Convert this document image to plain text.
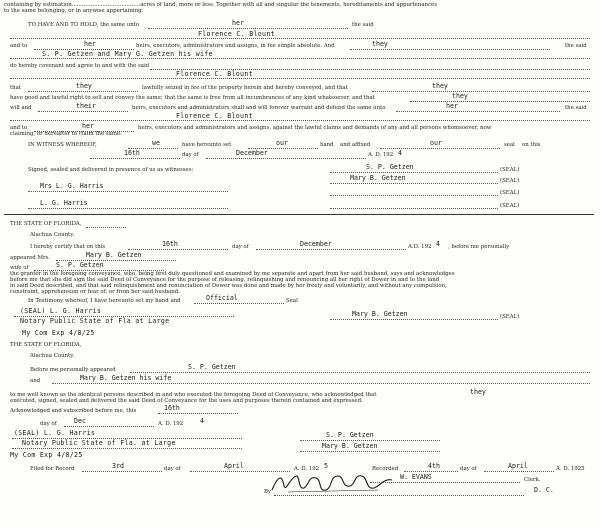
containing by estimation........................................acres of land, more or less. Together with all and singular the tenements, hereditaments and appurtenances
to the same belonging, or in anywise appertaining.
TO HAVE AND TO HOLD, the same unto	her	the said
Florence C. Blount
and to	her	heirs, executors, administrators and assigns, in fee simple absolute. And	they	the said
S. P. Getzen and Mary G. Getzen his wife
do hereby covenant and agree to and with the said
Florence C. Blount
that	they	lawfully seized in fee of the property herein and hereby conveyed, and that	they
have good and lawful right to sell and convey the same; that the same is free from all incumbrances of any kind whatsoever, and that	they
will and	their	heirs, executors and administrators shall and will forever warrant and defend the same unto	her	the said
Florence C. Blount
and to	her	heirs, executors and administrators and assigns, against the lawful claims and demands of any and all persons whomsoever, now
claiming, or hereafter to claim the same.
IN WITNESS WHEREOF,	we	have hereunto set	our	hand and affixed	our	seal on this
16th	day of	December	A. D. 192 4
Signed, sealed and delivered in presence of us as witnesses:	S. P. Getzen	(SEAL)
Mary B. Getzen	(SEAL)
Mrs L. G. Harris
(SEAL)
L. G. Harris	(SEAL)
THE STATE OF FLORIDA,
Alachua County.
I hereby certify that on this	16th	day of	December	A.D. 192 4 , before me personally
appeared Mrs.	Mary B. Getzen
wife of	S. P. Getzen
the grantor in the foregoing conveyance, who, being first duly questioned and examined by me separate and apart from her said husband, says and acknowledges
before me that she did sign the said Deed of Conveyance for the purpose of releasing, relinquishing and renouncing all her right of Dower in and to the land
in said Deed described, and that said relinquishment and renunciation of Dower was done and made by her freely and voluntarily, and without any compulsion,
constraint, apprehension or fear of, or from her said husband.
In Testimony whereof, I have hereunto set my hand and	Official	Seal
(SEAL) L. G. Harris
Notary Public State of Fla at Large
Mary B. Getzen	(SEAL)
My Com Exp 4/8/25
THE STATE OF FLORIDA,
Alachua County.
Before me personally appeared	S. P. Getzen
and	Mary B. Getzen his wife
to me well known as the identical persons described in and who executed the foregoing Deed of Conveyance, who acknowledged that	they
executed, signed, sealed and delivered the said Deed of Conveyance for the uses and purposes therein contained and expressed.
Acknowledged and subscribed before me, this	16th
day of	Dec	A. D. 192	4
(SEAL) L. G. Harris
Notary Public State of Fla. at Large
S. P. Getzen
Mary B. Getzen
My Com Exp 4/8/25
Filed for Record	3rd	day of	April	A. D. 192 5	Recorded	4th	day of	April	A. D. 1925
W. EVANS	Clerk.
By	D. C.
